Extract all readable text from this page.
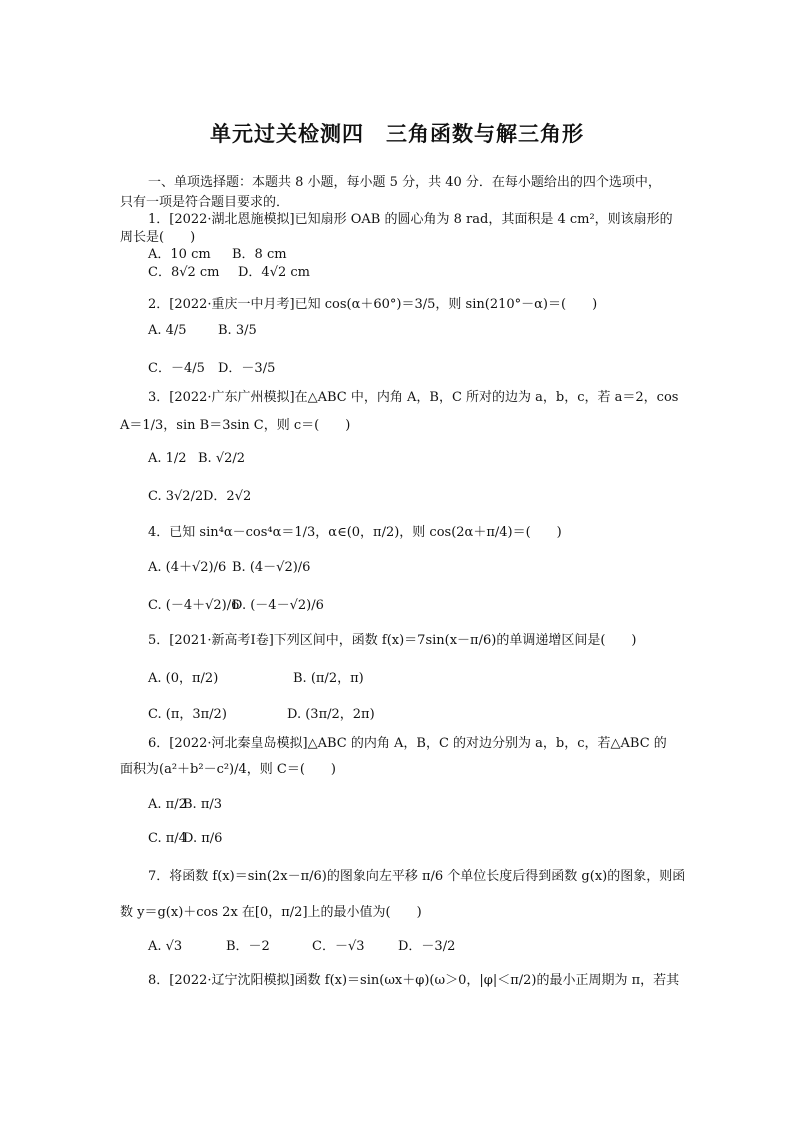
单元过关检测四　三角函数与解三角形
一、单项选择题：本题共 8 小题，每小题 5 分，共 40 分．在每小题给出的四个选项中，
只有一项是符合题目要求的．
1．[2022·湖北恩施模拟]已知扇形 OAB 的圆心角为 8 rad，其面积是 4 cm²，则该扇形的
周长是(　　)
A．10 cm B．8 cm
C．8√2 cm D．4√2 cm
2．[2022·重庆一中月考]已知 cos(α＋60°)＝3/5，则 sin(210°－α)＝(　　)
A. 4/5 B. 3/5
C．－4/5 D．－3/5
3．[2022·广东广州模拟]在△ABC 中，内角 A，B，C 所对的边为 a，b，c，若 a＝2，cos
A＝1/3，sin B＝3sin C，则 c＝(　　)
A. 1/2 B. √2/2
C. 3√2/2 D．2√2
4．已知 sin⁴α－cos⁴α＝1/3，α∈(0，π/2)，则 cos(2α＋π/4)＝(　　)
A. (4＋√2)/6 B. (4－√2)/6
C. (－4＋√2)/6
D. (－4－√2)/6
5．[2021·新高考Ⅰ卷]下列区间中，函数 f(x)＝7sin(x－π/6)的单调递增区间是(　　)
A. (0，π/2)	B. (π/2，π)
C. (π，3π/2)	D. (3π/2，2π)
6．[2022·河北秦皇岛模拟]△ABC 的内角 A，B，C 的对边分别为 a，b，c，若△ABC 的
面积为(a²＋b²－c²)/4，则 C＝(　　)
A. π/2
B. π/3
C. π/4
D. π/6
7．将函数 f(x)＝sin(2x－π/6)的图象向左平移 π/6 个单位长度后得到函数 g(x)的图象，则函
数 y＝g(x)＋cos 2x 在[0，π/2]上的最小值为(　　)
A. √3	B．－2	C．－√3	D．－3/2
8．[2022·辽宁沈阳模拟]函数 f(x)＝sin(ωx＋φ)(ω＞0，|φ|＜π/2)的最小正周期为 π，若其
